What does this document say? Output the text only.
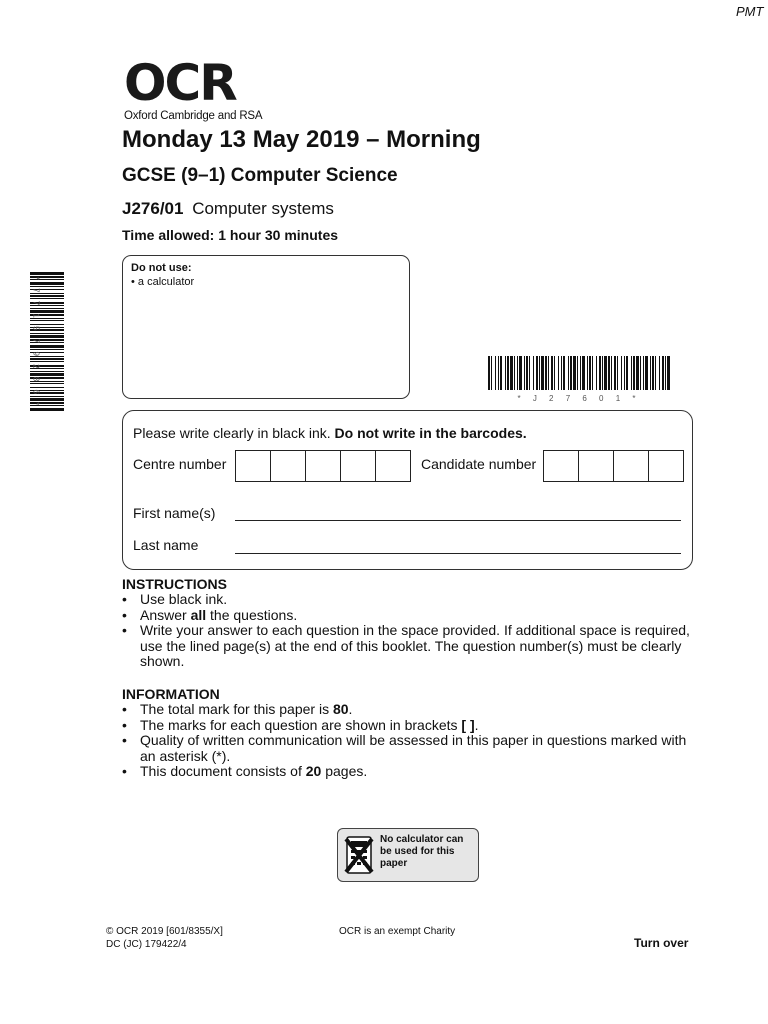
PMT
OCR
Oxford Cambridge and RSA
Monday 13 May 2019 – Morning
GCSE (9–1) Computer Science
J276/01 Computer systems
Time allowed: 1 hour 30 minutes
Do not use:
• a calculator
* 7 7 1 5 7 9 2 8 6 *	* J 2 7 6 0 1 *
Please write clearly in black ink. Do not write in the barcodes.
Centre number	Candidate number
First name(s)
Last name
INSTRUCTIONS
• Use black ink.
• Answer all the questions.
• Write your answer to each question in the space provided. If additional space is required, use the lined page(s) at the end of this booklet. The question number(s) must be clearly shown.
INFORMATION
• The total mark for this paper is 80.
• The marks for each question are shown in brackets [ ].
• Quality of written communication will be assessed in this paper in questions marked with an asterisk (*).
• This document consists of 20 pages.
No calculator can be used for this paper
© OCR 2019 [601/8355/X]
DC (JC) 179422/4
OCR is an exempt Charity
Turn over
